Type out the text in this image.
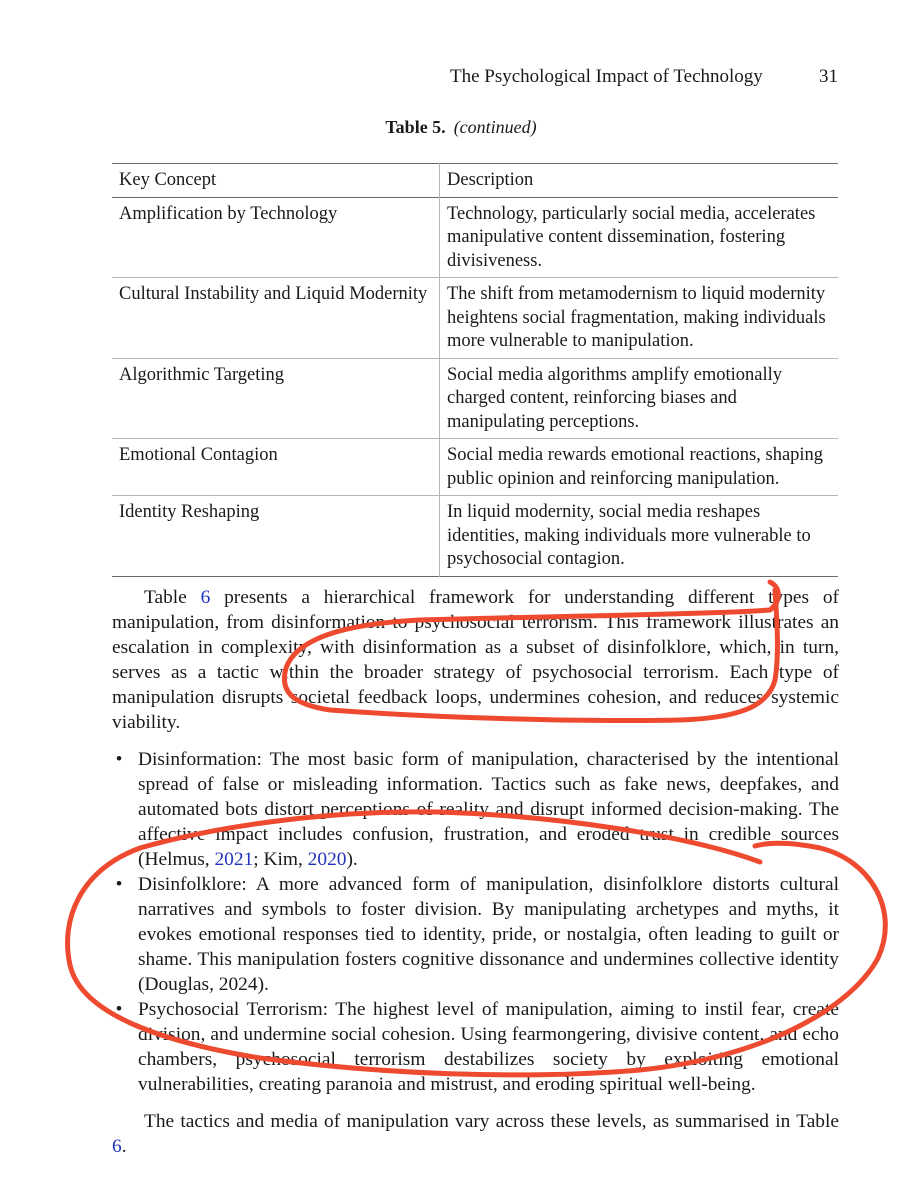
The Psychological Impact of Technology	31
Table 5. (continued)
Key Concept	Description
Amplification by Technology	Technology, particularly social media, accelerates manipulative content dissemination, fostering divisiveness.
Cultural Instability and Liquid Modernity	The shift from metamodernism to liquid modernity heightens social fragmentation, making individuals more vulnerable to manipulation.
Algorithmic Targeting	Social media algorithms amplify emotionally charged content, reinforcing biases and manipulating perceptions.
Emotional Contagion	Social media rewards emotional reactions, shaping public opinion and reinforcing manipulation.
Identity Reshaping	In liquid modernity, social media reshapes identities, making individuals more vulnerable to psychosocial contagion.

Table 6 presents a hierarchical framework for understanding different types of manipulation, from disinformation to psychosocial terrorism. This framework illustrates an escalation in complexity, with disinformation as a subset of disinfolklore, which, in turn, serves as a tactic within the broader strategy of psychosocial terrorism. Each type of manipulation disrupts societal feedback loops, undermines cohesion, and reduces systemic viability.

• Disinformation: The most basic form of manipulation, characterised by the intentional spread of false or misleading information. Tactics such as fake news, deepfakes, and automated bots distort perceptions of reality and disrupt informed decision-making. The affective impact includes confusion, frustration, and eroded trust in credible sources (Helmus, 2021; Kim, 2020).
• Disinfolklore: A more advanced form of manipulation, disinfolklore distorts cultural narratives and symbols to foster division. By manipulating archetypes and myths, it evokes emotional responses tied to identity, pride, or nostalgia, often leading to guilt or shame. This manipulation fosters cognitive dissonance and undermines collective identity (Douglas, 2024).
• Psychosocial Terrorism: The highest level of manipulation, aiming to instil fear, create division, and undermine social cohesion. Using fearmongering, divisive content, and echo chambers, psychosocial terrorism destabilizes society by exploiting emotional vulnerabilities, creating paranoia and mistrust, and eroding spiritual well-being.

The tactics and media of manipulation vary across these levels, as summarised in Table 6.
